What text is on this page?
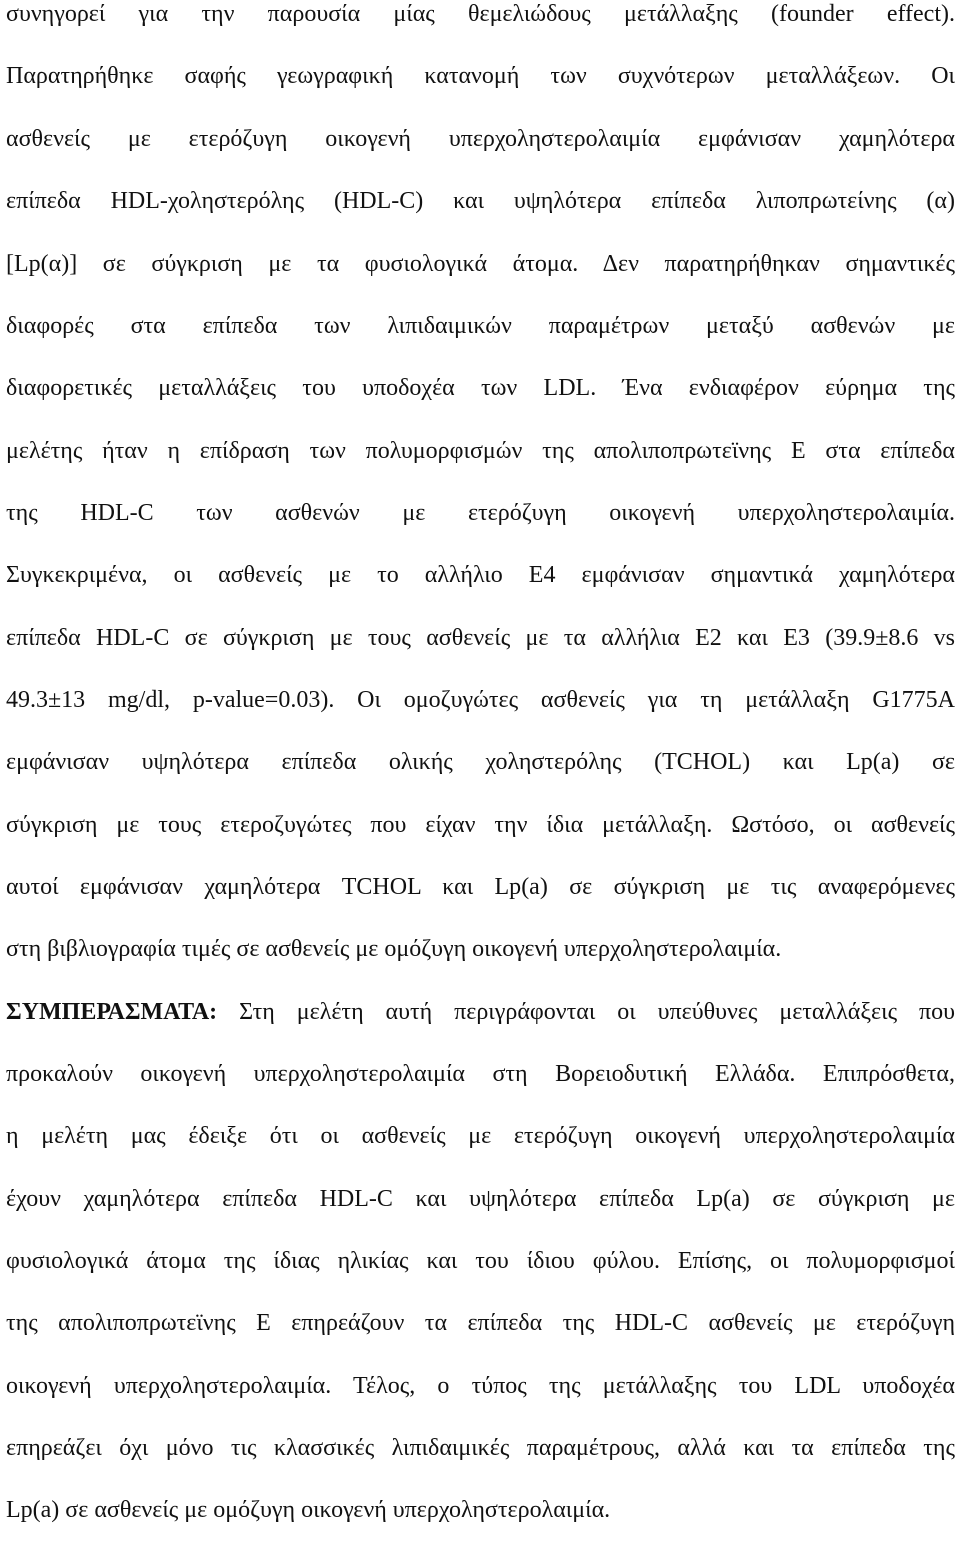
συνηγορεί για την παρουσία μίας θεμελιώδους μετάλλαξης (founder effect).
Παρατηρήθηκε σαφής γεωγραφική κατανομή των συχνότερων μεταλλάξεων. Οι
ασθενείς με ετερόζυγη οικογενή υπερχοληστερολαιμία εμφάνισαν χαμηλότερα
επίπεδα HDL-χοληστερόλης (HDL-C) και υψηλότερα επίπεδα λιποπρωτείνης (α)
[Lp(α)] σε σύγκριση με τα φυσιολογικά άτομα. Δεν παρατηρήθηκαν σημαντικές
διαφορές στα επίπεδα των λιπιδαιμικών παραμέτρων μεταξύ ασθενών με
διαφορετικές μεταλλάξεις του υποδοχέα των LDL. Ένα ενδιαφέρον εύρημα της
μελέτης ήταν η επίδραση των πολυμορφισμών της απολιποπρωτεϊνης E στα επίπεδα
της HDL-C των ασθενών με ετερόζυγη οικογενή υπερχοληστερολαιμία.
Συγκεκριμένα, οι ασθενείς με το αλλήλιο E4 εμφάνισαν σημαντικά χαμηλότερα
επίπεδα HDL-C σε σύγκριση με τους ασθενείς με τα αλλήλια E2 και E3 (39.9±8.6 vs
49.3±13 mg/dl, p-value=0.03). Οι ομοζυγώτες ασθενείς για τη μετάλλαξη G1775A
εμφάνισαν υψηλότερα επίπεδα ολικής χοληστερόλης (TCHOL) και Lp(a) σε
σύγκριση με τους ετεροζυγώτες που είχαν την ίδια μετάλλαξη. Ωστόσο, οι ασθενείς
αυτοί εμφάνισαν χαμηλότερα TCHOL και Lp(a) σε σύγκριση με τις αναφερόμενες
στη βιβλιογραφία τιμές σε ασθενείς με ομόζυγη οικογενή υπερχοληστερολαιμία.
ΣΥΜΠΕΡΑΣΜΑΤΑ: Στη μελέτη αυτή περιγράφονται οι υπεύθυνες μεταλλάξεις που
προκαλούν οικογενή υπερχοληστερολαιμία στη Βορειοδυτική Ελλάδα. Επιπρόσθετα,
η μελέτη μας έδειξε ότι οι ασθενείς με ετερόζυγη οικογενή υπερχοληστερολαιμία
έχουν χαμηλότερα επίπεδα HDL-C και υψηλότερα επίπεδα Lp(a) σε σύγκριση με
φυσιολογικά άτομα της ίδιας ηλικίας και του ίδιου φύλου. Επίσης, οι πολυμορφισμοί
της απολιποπρωτεϊνης E επηρεάζουν τα επίπεδα της HDL-C ασθενείς με ετερόζυγη
οικογενή υπερχοληστερολαιμία. Τέλος, ο τύπος της μετάλλαξης του LDL υποδοχέα
επηρεάζει όχι μόνο τις κλασσικές λιπιδαιμικές παραμέτρους, αλλά και τα επίπεδα της
Lp(a) σε ασθενείς με ομόζυγη οικογενή υπερχοληστερολαιμία.
